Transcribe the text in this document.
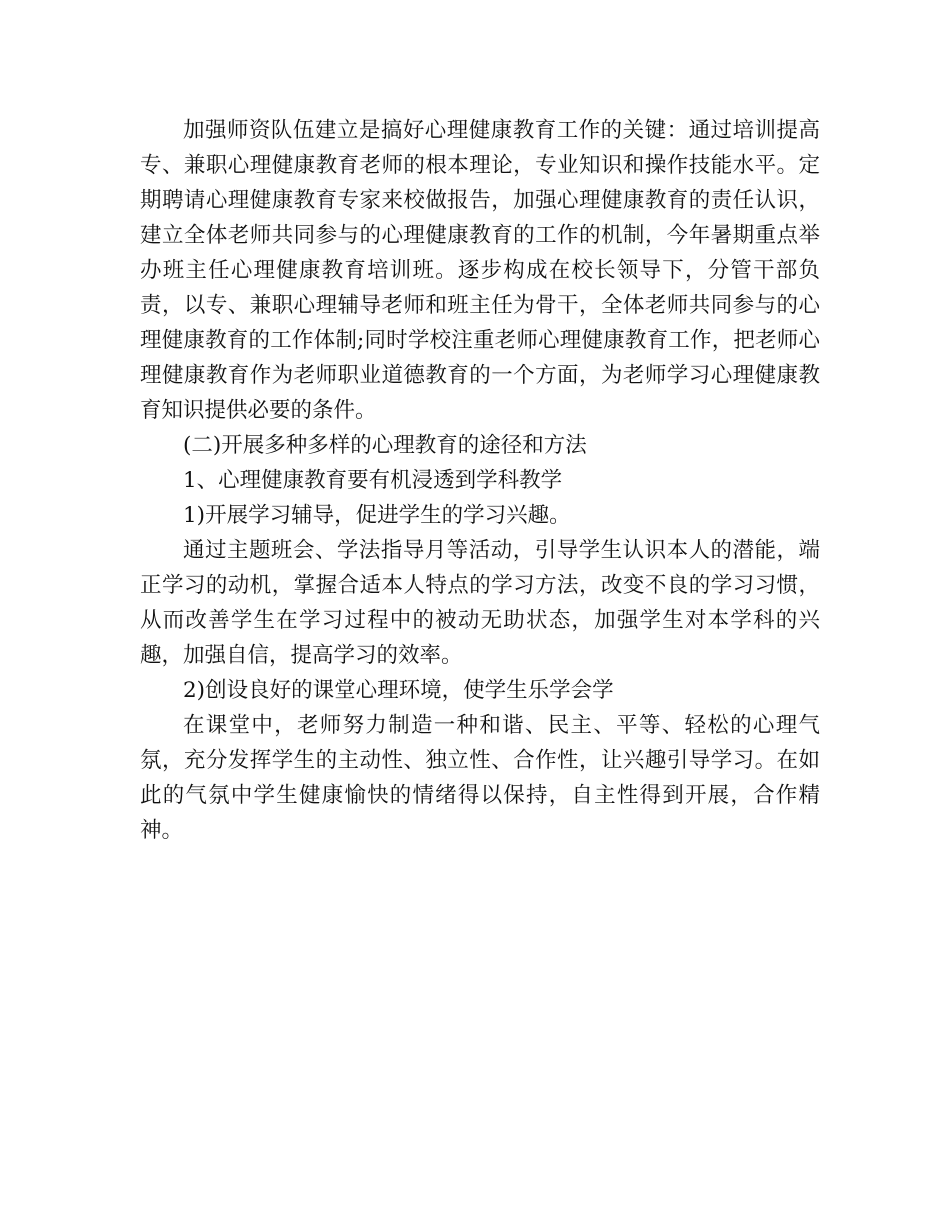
加强师资队伍建立是搞好心理健康教育工作的关键：通过培训提高专、兼职心理健康教育老师的根本理论，专业知识和操作技能水平。定期聘请心理健康教育专家来校做报告，加强心理健康教育的责任认识，建立全体老师共同参与的心理健康教育的工作的机制，今年暑期重点举办班主任心理健康教育培训班。逐步构成在校长领导下，分管干部负责，以专、兼职心理辅导老师和班主任为骨干，全体老师共同参与的心理健康教育的工作体制;同时学校注重老师心理健康教育工作，把老师心理健康教育作为老师职业道德教育的一个方面，为老师学习心理健康教育知识提供必要的条件。

(二)开展多种多样的心理教育的途径和方法

1、心理健康教育要有机浸透到学科教学

1)开展学习辅导，促进学生的学习兴趣。

通过主题班会、学法指导月等活动，引导学生认识本人的潜能，端正学习的动机，掌握合适本人特点的学习方法，改变不良的学习习惯，从而改善学生在学习过程中的被动无助状态，加强学生对本学科的兴趣，加强自信，提高学习的效率。

2)创设良好的课堂心理环境，使学生乐学会学

在课堂中，老师努力制造一种和谐、民主、平等、轻松的心理气氛，充分发挥学生的主动性、独立性、合作性，让兴趣引导学习。在如此的气氛中学生健康愉快的情绪得以保持，自主性得到开展，合作精神。
